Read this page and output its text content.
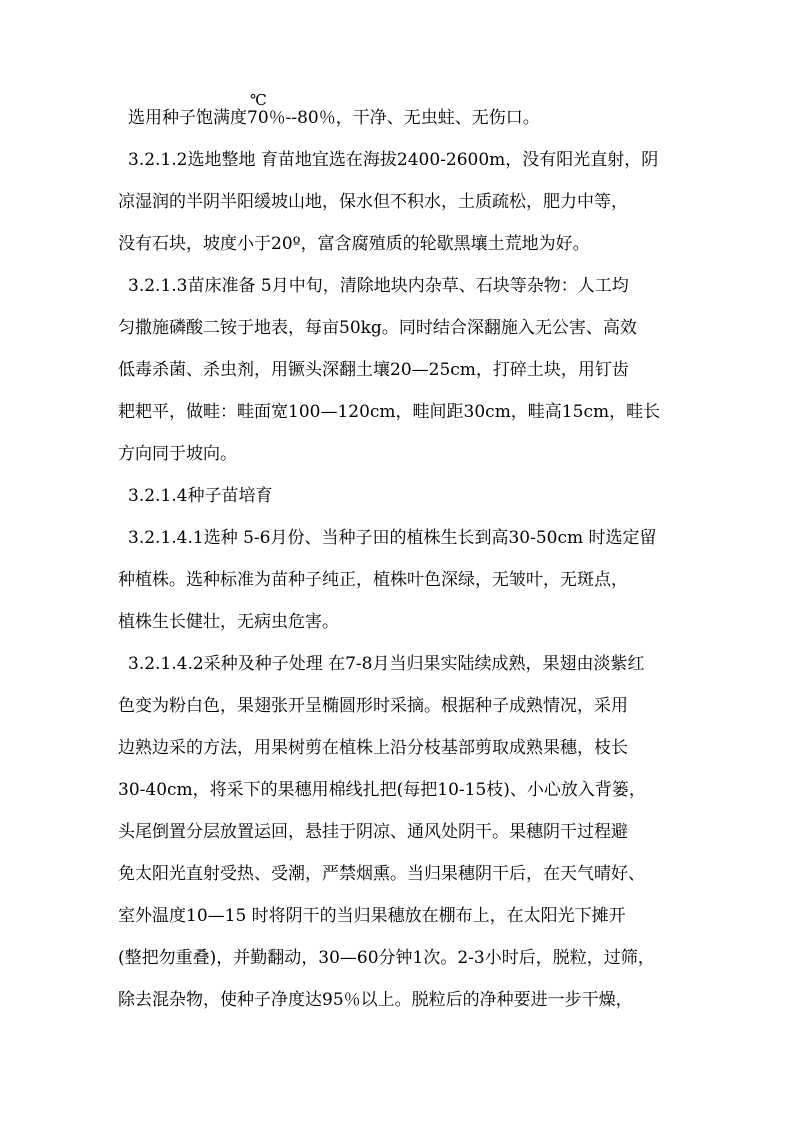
℃
选用种子饱满度70％--80％，干净、无虫蛀、无伤口。
3.2.1.2选地整地 育苗地宜选在海拔2400-2600m，没有阳光直射，阴
凉湿润的半阴半阳缓坡山地，保水但不积水，土质疏松，肥力中等，
没有石块，坡度小于20º，富含腐殖质的轮歇黑壤土荒地为好。
3.2.1.3苗床准备 5月中旬，清除地块内杂草、石块等杂物：人工均
匀撒施磷酸二铵于地表，每亩50kg。同时结合深翻施入无公害、高效
低毒杀菌、杀虫剂，用镢头深翻土壤20—25cm，打碎土块，用钉齿
耙耙平，做畦：畦面宽100—120cm，畦间距30cm，畦高15cm，畦长
方向同于坡向。
3.2.1.4种子苗培育
3.2.1.4.1选种 5-6月份、当种子田的植株生长到高30-50cm 时选定留
种植株。选种标准为苗种子纯正，植株叶色深绿，无皱叶，无斑点，
植株生长健壮，无病虫危害。
3.2.1.4.2采种及种子处理 在7-8月当归果实陆续成熟，果翅由淡紫红
色变为粉白色，果翅张开呈椭圆形时采摘。根据种子成熟情况，采用
边熟边采的方法，用果树剪在植株上沿分枝基部剪取成熟果穗，枝长
30-40cm，将采下的果穗用棉线扎把(每把10-15枝)、小心放入背篓，
头尾倒置分层放置运回，悬挂于阴凉、通风处阴干。果穗阴干过程避
免太阳光直射受热、受潮，严禁烟熏。当归果穗阴干后，在天气晴好、
室外温度10—15 时将阴干的当归果穗放在棚布上，在太阳光下摊开
(整把勿重叠)，并勤翻动，30—60分钟1次。2-3小时后，脱粒，过筛，
除去混杂物，使种子净度达95％以上。脱粒后的净种要进一步干燥，
